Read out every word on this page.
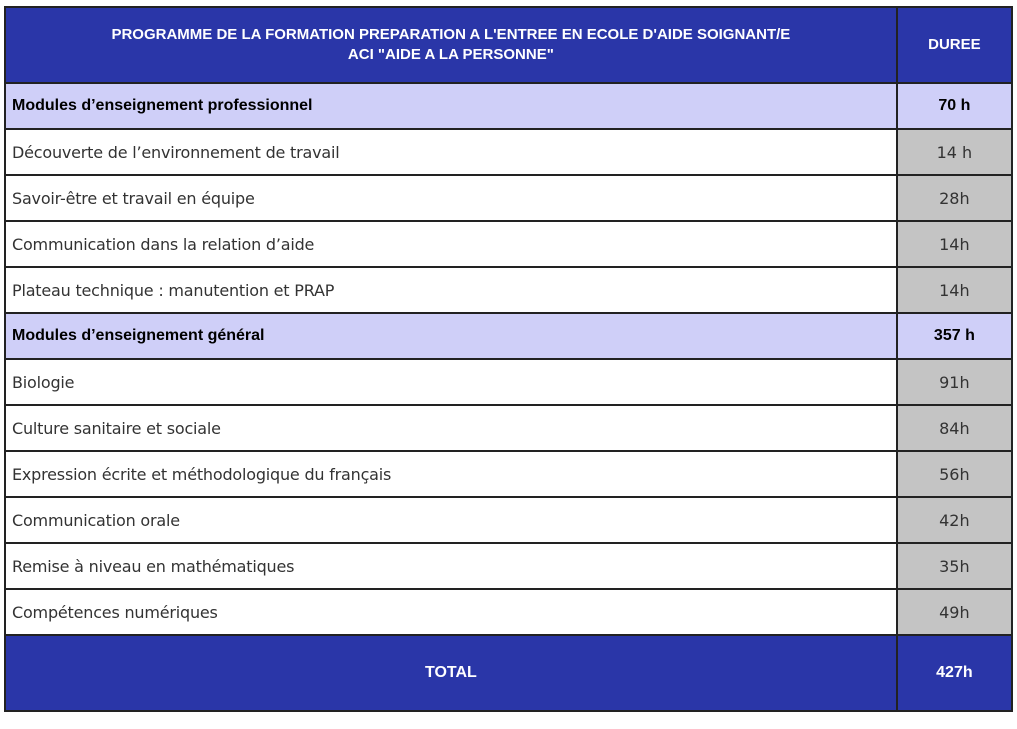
PROGRAMME DE LA FORMATION PREPARATION A L'ENTREE EN ECOLE D'AIDE SOIGNANT/E
ACI "AIDE A LA PERSONNE"	DUREE
Modules d’enseignement professionnel	70 h
Découverte de l’environnement de travail	14 h
Savoir-être et travail en équipe	28h
Communication dans la relation d’aide	14h
Plateau technique : manutention et PRAP	14h
Modules d’enseignement général	357 h
Biologie	91h
Culture sanitaire et sociale	84h
Expression écrite et méthodologique du français	56h
Communication orale	42h
Remise à niveau en mathématiques	35h
Compétences numériques	49h
TOTAL	427h
